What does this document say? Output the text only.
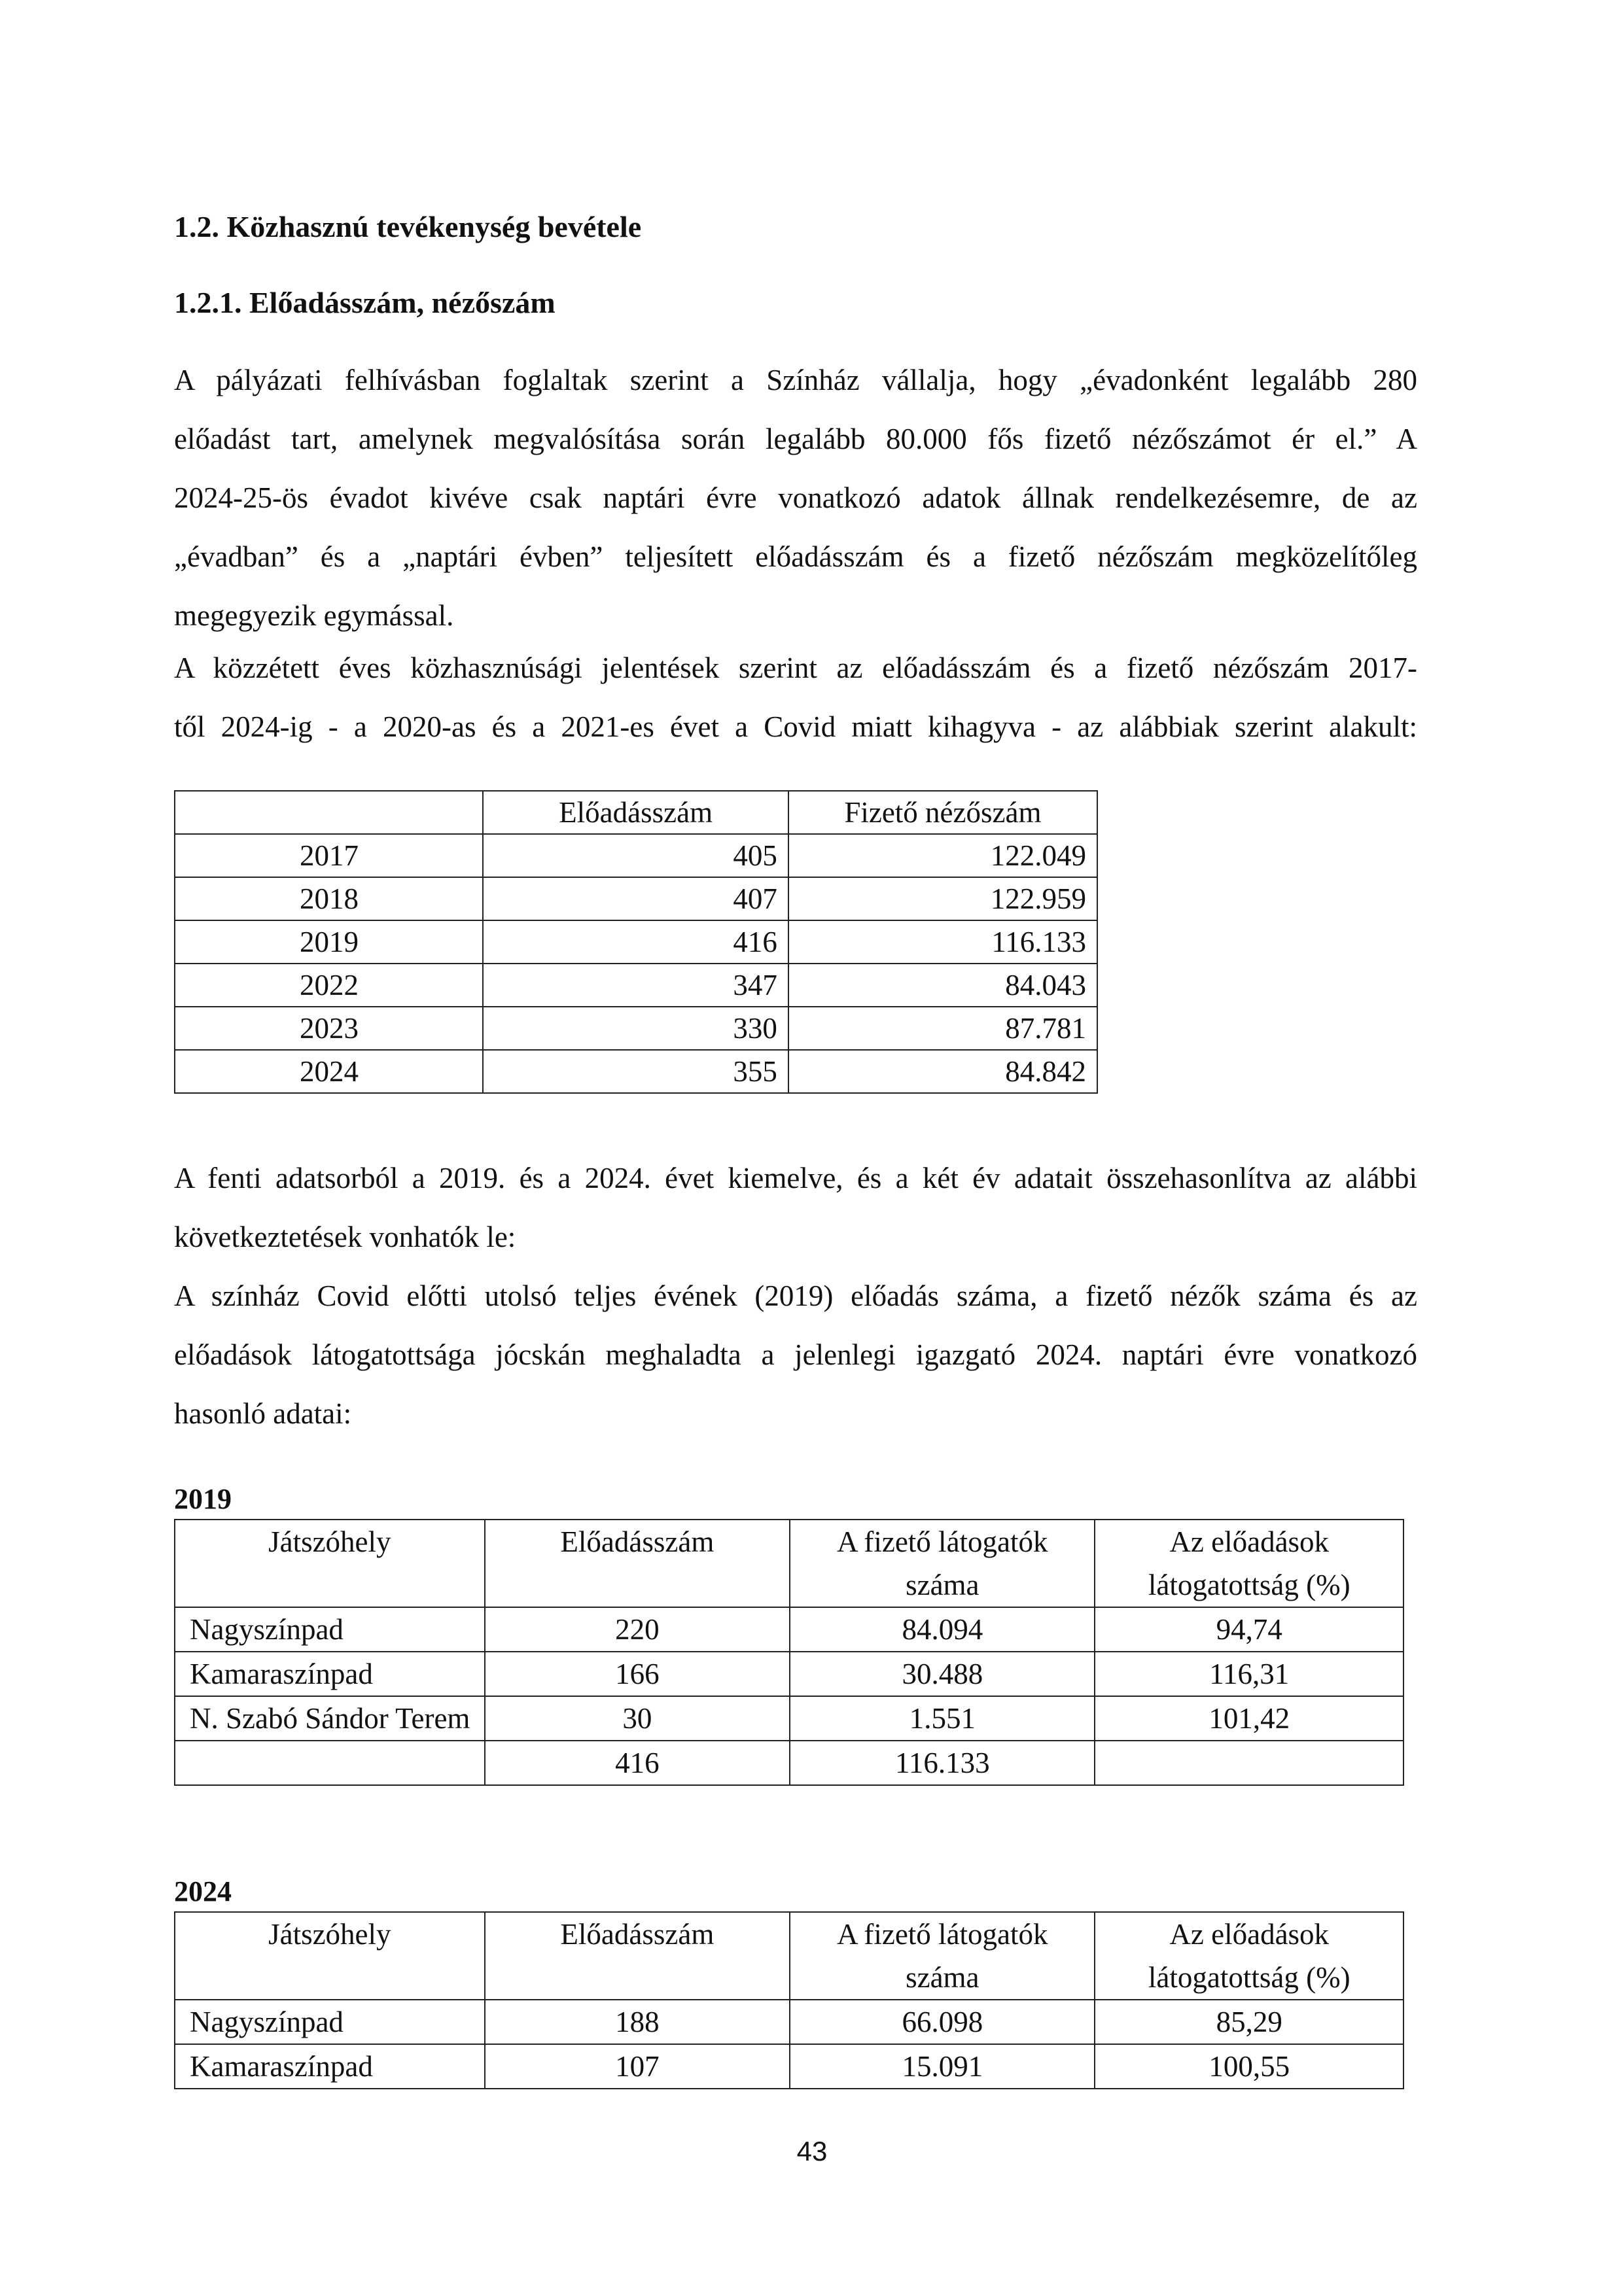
1.2. Közhasznú tevékenység bevétele

1.2.1. Előadásszám, nézőszám

A pályázati felhívásban foglaltak szerint a Színház vállalja, hogy „évadonként legalább 280
előadást tart, amelynek megvalósítása során legalább 80.000 fős fizető nézőszámot ér el.” A
2024-25-ös évadot kivéve csak naptári évre vonatkozó adatok állnak rendelkezésemre, de az
„évadban” és a „naptári évben” teljesített előadásszám és a fizető nézőszám megközelítőleg
megegyezik egymással.
A közzétett éves közhasznúsági jelentések szerint az előadásszám és a fizető nézőszám 2017-
től 2024-ig - a 2020-as és a 2021-es évet a Covid miatt kihagyva - az alábbiak szerint alakult:
	Előadásszám	Fizető nézőszám
2017	405	122.049
2018	407	122.959
2019	416	116.133
2022	347	84.043
2023	330	87.781
2024	355	84.842
A fenti adatsorból a 2019. és a 2024. évet kiemelve, és a két év adatait összehasonlítva az alábbi
következtetések vonhatók le:
A színház Covid előtti utolsó teljes évének (2019) előadás száma, a fizető nézők száma és az
előadások látogatottsága jócskán meghaladta a jelenlegi igazgató 2024. naptári évre vonatkozó
hasonló adatai:

2019

Játszóhely	Előadásszám	A fizető látogatók száma	Az előadások látogatottság (%)
Nagyszínpad	220	84.094	94,74
Kamaraszínpad	166	30.488	116,31
N. Szabó Sándor Terem	30	1.551	101,42
	416	116.133	

2024

Játszóhely	Előadásszám	A fizető látogatók száma	Az előadások látogatottság (%)
Nagyszínpad	188	66.098	85,29
Kamaraszínpad	107	15.091	100,55

43
